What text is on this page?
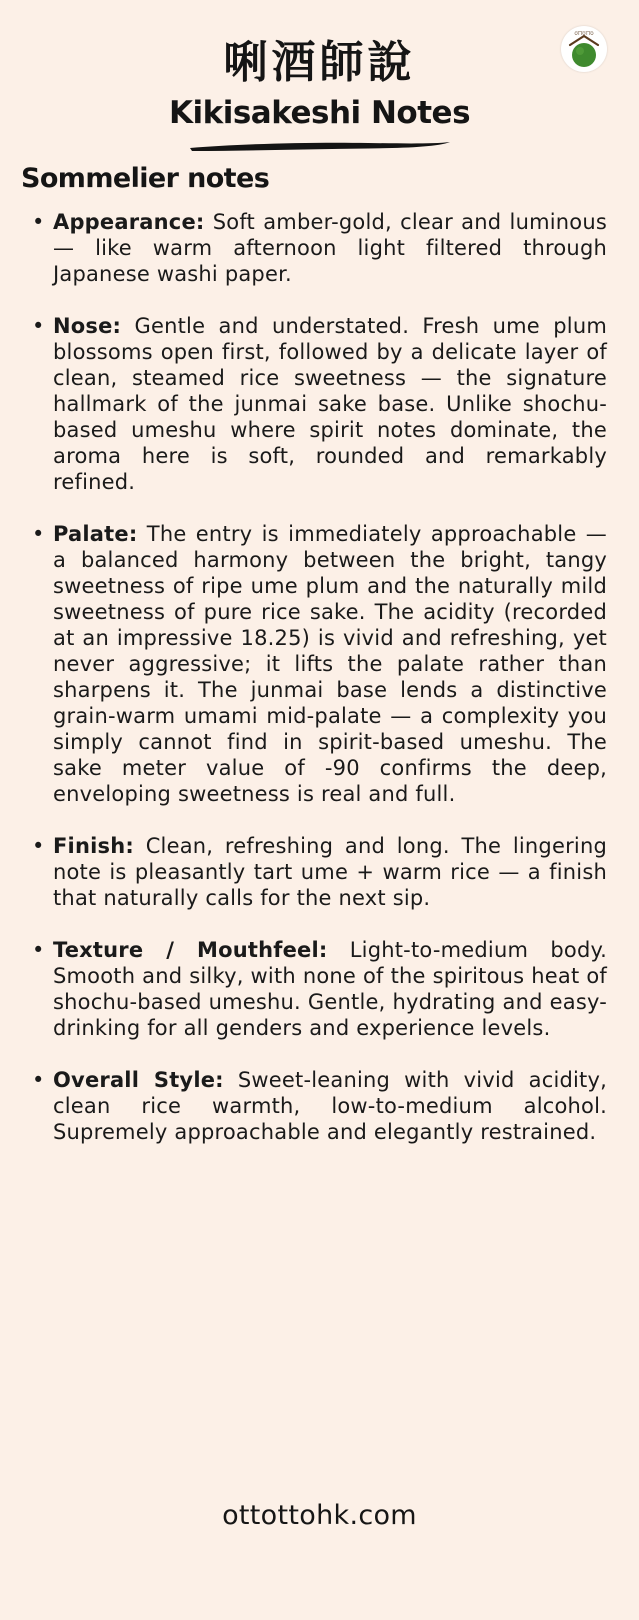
OTTOTTO
唎酒師說
Kikisakeshi Notes
Sommelier notes
• Appearance: Soft amber-gold, clear and luminous — like warm afternoon light filtered through Japanese washi paper.
• Nose: Gentle and understated. Fresh ume plum blossoms open first, followed by a delicate layer of clean, steamed rice sweetness — the signature hallmark of the junmai sake base. Unlike shochu-based umeshu where spirit notes dominate, the aroma here is soft, rounded and remarkably refined.
• Palate: The entry is immediately approachable — a balanced harmony between the bright, tangy sweetness of ripe ume plum and the naturally mild sweetness of pure rice sake. The acidity (recorded at an impressive 18.25) is vivid and refreshing, yet never aggressive; it lifts the palate rather than sharpens it. The junmai base lends a distinctive grain-warm umami mid-palate — a complexity you simply cannot find in spirit-based umeshu. The sake meter value of -90 confirms the deep, enveloping sweetness is real and full.
• Finish: Clean, refreshing and long. The lingering note is pleasantly tart ume + warm rice — a finish that naturally calls for the next sip.
• Texture / Mouthfeel: Light-to-medium body. Smooth and silky, with none of the spiritous heat of shochu-based umeshu. Gentle, hydrating and easy-drinking for all genders and experience levels.
• Overall Style: Sweet-leaning with vivid acidity, clean rice warmth, low-to-medium alcohol. Supremely approachable and elegantly restrained.
ottottohk.com
